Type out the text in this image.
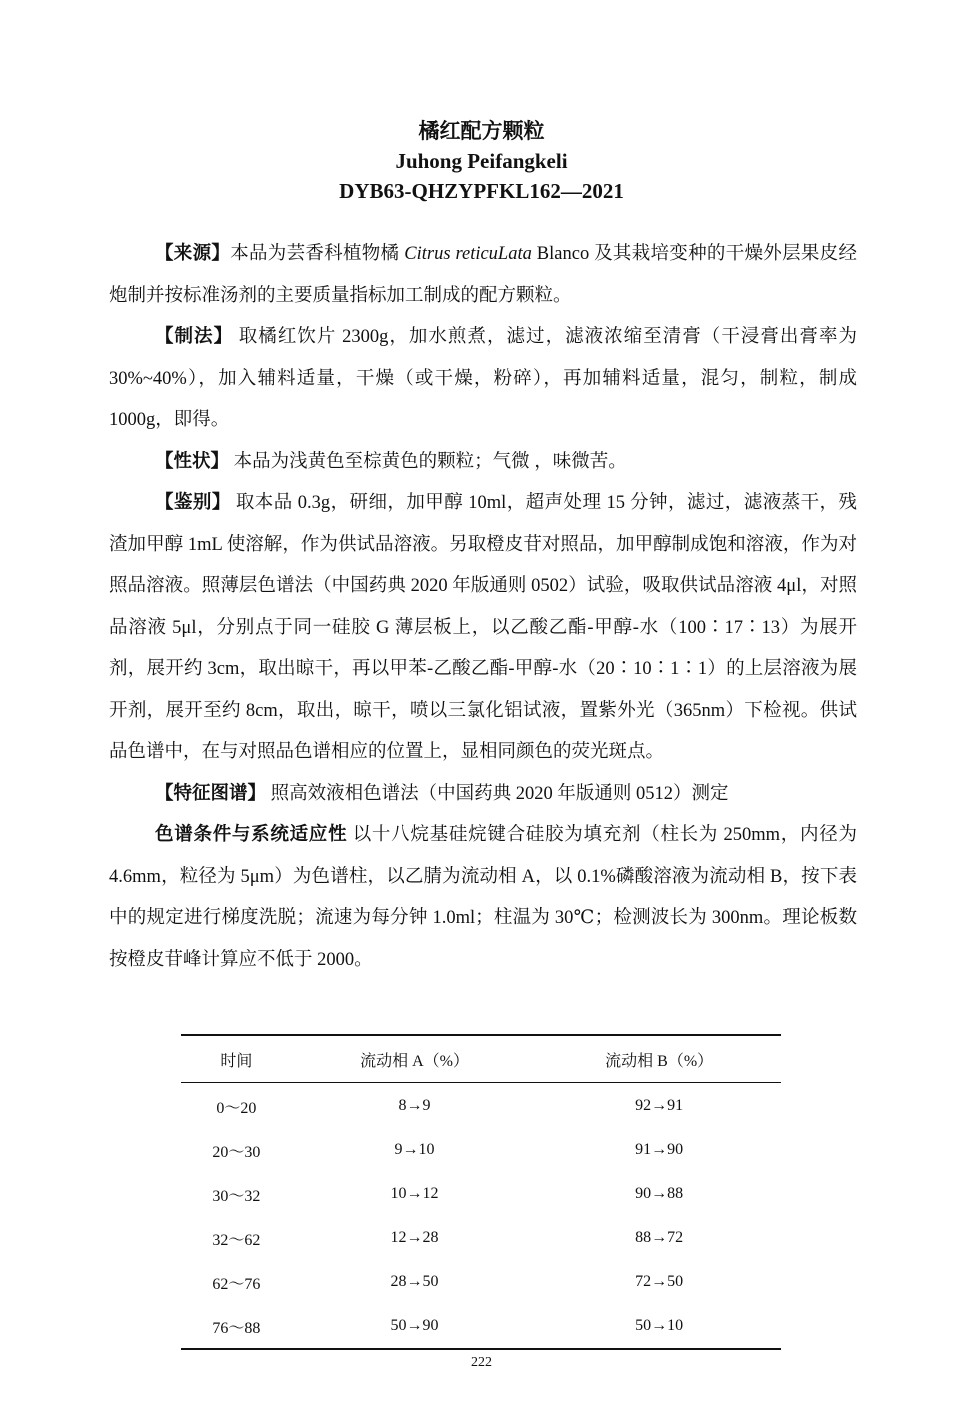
橘红配方颗粒
Juhong Peifangkeli
DYB63-QHZYPFKL162—2021

【来源】本品为芸香科植物橘 Citrus reticuLata Blanco 及其栽培变种的干燥外层果皮经炮制并按标准汤剂的主要质量指标加工制成的配方颗粒。

【制法】 取橘红饮片 2300g，加水煎煮，滤过，滤液浓缩至清膏（干浸膏出膏率为 30%~40%），加入辅料适量，干燥（或干燥，粉碎），再加辅料适量，混匀，制粒，制成 1000g，即得。

【性状】 本品为浅黄色至棕黄色的颗粒；气微 ，味微苦。

【鉴别】 取本品 0.3g，研细，加甲醇 10ml，超声处理 15 分钟，滤过，滤液蒸干，残渣加甲醇 1mL 使溶解，作为供试品溶液。另取橙皮苷对照品，加甲醇制成饱和溶液，作为对照品溶液。照薄层色谱法（中国药典 2020 年版通则 0502）试验，吸取供试品溶液 4μl，对照品溶液 5μl，分别点于同一硅胶 G 薄层板上，以乙酸乙酯-甲醇-水（100∶17∶13）为展开剂，展开约 3cm，取出晾干，再以甲苯-乙酸乙酯-甲醇-水（20∶10∶1∶1）的上层溶液为展开剂，展开至约 8cm，取出，晾干，喷以三氯化铝试液，置紫外光（365nm）下检视。供试品色谱中，在与对照品色谱相应的位置上，显相同颜色的荧光斑点。

【特征图谱】 照高效液相色谱法（中国药典 2020 年版通则 0512）测定

色谱条件与系统适应性 以十八烷基硅烷键合硅胶为填充剂（柱长为 250mm，内径为 4.6mm，粒径为 5μm）为色谱柱，以乙腈为流动相 A，以 0.1%磷酸溶液为流动相 B，按下表中的规定进行梯度洗脱；流速为每分钟 1.0ml；柱温为 30℃；检测波长为 300nm。理论板数按橙皮苷峰计算应不低于 2000。

时间	流动相 A（%）	流动相 B（%）
0～20	8→9	92→91
20～30	9→10	91→90
30～32	10→12	90→88
32～62	12→28	88→72
62～76	28→50	72→50
76～88	50→90	50→10
222
